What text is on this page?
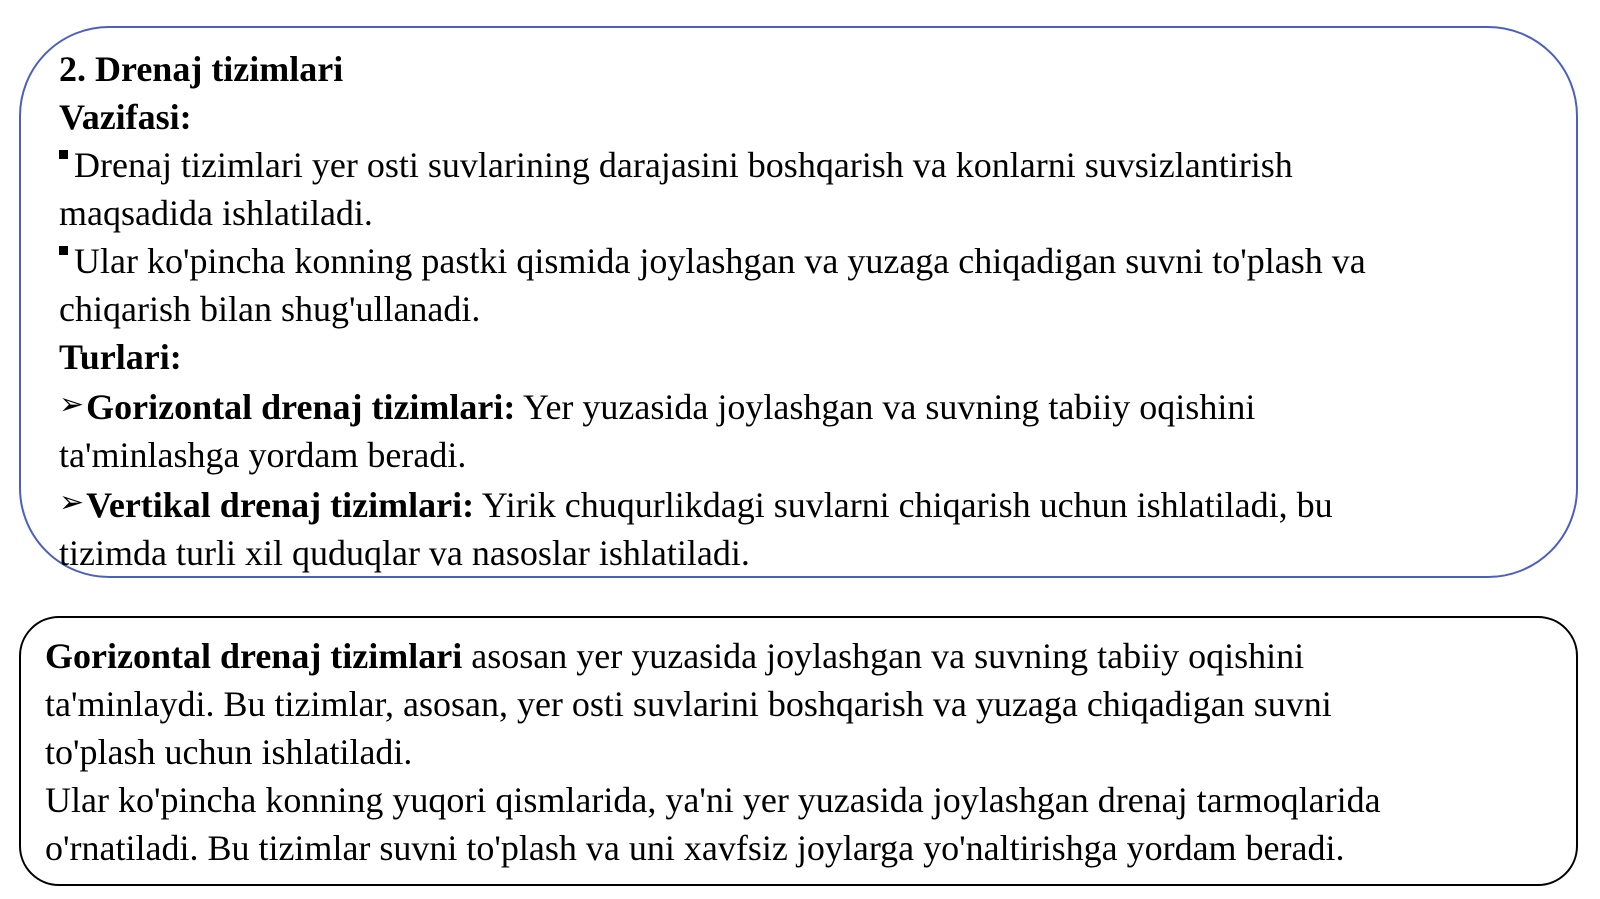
2. Drenaj tizimlari
Vazifasi:
Drenaj tizimlari yer osti suvlarining darajasini boshqarish va konlarni suvsizlantirish
maqsadida ishlatiladi.
Ular ko'pincha konning pastki qismida joylashgan va yuzaga chiqadigan suvni to'plash va
chiqarish bilan shug'ullanadi.
Turlari:
➢Gorizontal drenaj tizimlari: Yer yuzasida joylashgan va suvning tabiiy oqishini
ta'minlashga yordam beradi.
➢Vertikal drenaj tizimlari: Yirik chuqurlikdagi suvlarni chiqarish uchun ishlatiladi, bu
tizimda turli xil quduqlar va nasoslar ishlatiladi.
Gorizontal drenaj tizimlari asosan yer yuzasida joylashgan va suvning tabiiy oqishini
ta'minlaydi. Bu tizimlar, asosan, yer osti suvlarini boshqarish va yuzaga chiqadigan suvni
to'plash uchun ishlatiladi.
Ular ko'pincha konning yuqori qismlarida, ya'ni yer yuzasida joylashgan drenaj tarmoqlarida
o'rnatiladi. Bu tizimlar suvni to'plash va uni xavfsiz joylarga yo'naltirishga yordam beradi.
